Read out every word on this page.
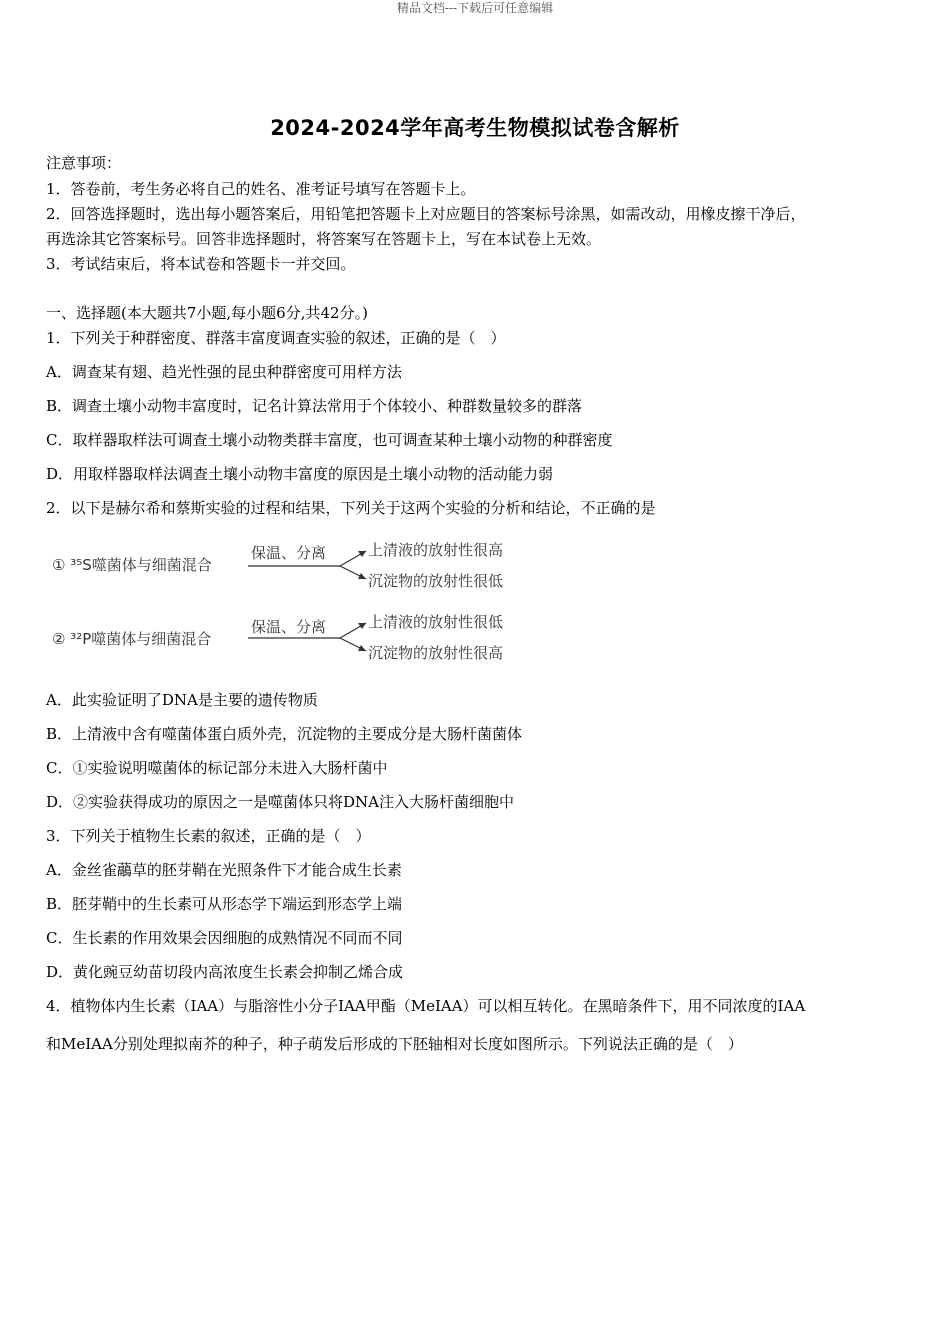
精品文档---下载后可任意编辑
2024-2024学年高考生物模拟试卷含解析
注意事项：
1．答卷前，考生务必将自己的姓名、准考证号填写在答题卡上。
2．回答选择题时，选出每小题答案后，用铅笔把答题卡上对应题目的答案标号涂黑，如需改动，用橡皮擦干净后，
再选涂其它答案标号。回答非选择题时，将答案写在答题卡上，写在本试卷上无效。
3．考试结束后，将本试卷和答题卡一并交回。
一、选择题(本大题共7小题,每小题6分,共42分。)
1．下列关于种群密度、群落丰富度调查实验的叙述，正确的是（　）
A．调查某有翅、趋光性强的昆虫种群密度可用样方法
B．调查土壤小动物丰富度时，记名计算法常用于个体较小、种群数量较多的群落
C．取样器取样法可调查土壤小动物类群丰富度，也可调查某种土壤小动物的种群密度
D．用取样器取样法调查土壤小动物丰富度的原因是土壤小动物的活动能力弱
2．以下是赫尔希和蔡斯实验的过程和结果，下列关于这两个实验的分析和结论，不正确的是
① ³⁵S噬菌体与细菌混合
保温、分离	上清液的放射性很高
沉淀物的放射性很低
② ³²P噬菌体与细菌混合
保温、分离	上清液的放射性很低
沉淀物的放射性很高
A．此实验证明了DNA是主要的遗传物质
B．上清液中含有噬菌体蛋白质外壳，沉淀物的主要成分是大肠杆菌菌体
C．①实验说明噬菌体的标记部分未进入大肠杆菌中
D．②实验获得成功的原因之一是噬菌体只将DNA注入大肠杆菌细胞中
3．下列关于植物生长素的叙述，正确的是（　）
A．金丝雀虉草的胚芽鞘在光照条件下才能合成生长素
B．胚芽鞘中的生长素可从形态学下端运到形态学上端
C．生长素的作用效果会因细胞的成熟情况不同而不同
D．黄化豌豆幼苗切段内高浓度生长素会抑制乙烯合成
4．植物体内生长素（IAA）与脂溶性小分子IAA甲酯（MeIAA）可以相互转化。在黑暗条件下，用不同浓度的IAA
和MeIAA分别处理拟南芥的种子，种子萌发后形成的下胚轴相对长度如图所示。下列说法正确的是（　）
